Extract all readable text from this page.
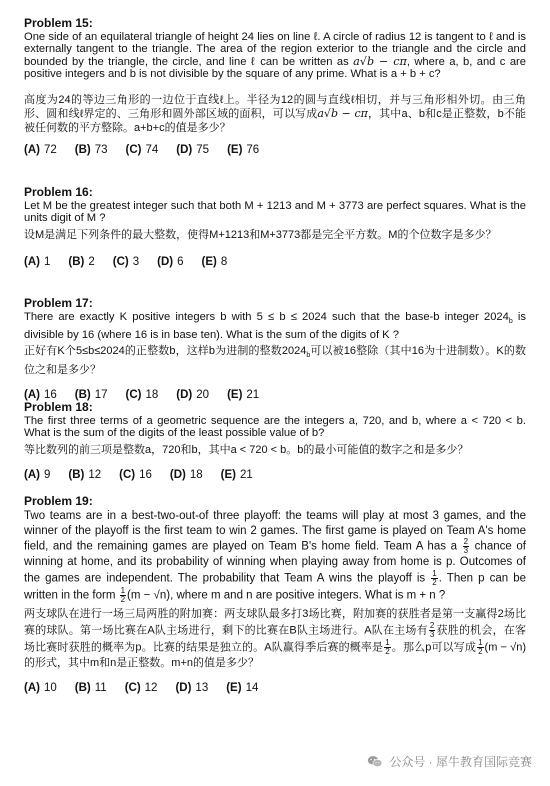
Problem 15:

One side of an equilateral triangle of height 24 lies on line ℓ. A circle of radius 12 is tangent to ℓ and is externally tangent to the triangle. The area of the region exterior to the triangle and the circle and bounded by the triangle, the circle, and line ℓ can be written as a√b − cπ, where a, b, and c are positive integers and b is not divisible by the square of any prime. What is a + b + c?

高度为24的等边三角形的一边位于直线ℓ上。半径为12的圆与直线ℓ相切，并与三角形相外切。由三角形、圆和线ℓ界定的、三角形和圆外部区域的面积，可以写成a√b − cπ，其中a、b和c是正整数，b不能被任何数的平方整除。a+b+c的值是多少？

(A) 72 (B) 73 (C) 74 (D) 75 (E) 76
Problem 16:

Let M be the greatest integer such that both M + 1213 and M + 3773 are perfect squares. What is the units digit of M ?

设M是满足下列条件的最大整数，使得M+1213和M+3773都是完全平方数。M的个位数字是多少？

(A) 1 (B) 2 (C) 3 (D) 6 (E) 8
Problem 17:

There are exactly K positive integers b with 5 ≤ b ≤ 2024 such that the base-b integer $2024_b$ is divisible by 16 (where 16 is in base ten). What is the sum of the digits of K ?

正好有K个5≤b≤2024的正整数b，这样b为进制的整数$2024_b$可以被16整除（其中16为十进制数）。K的数位之和是多少？

(A) 16 (B) 17 (C) 18 (D) 20 (E) 21
Problem 18:

The first three terms of a geometric sequence are the integers a, 720, and b, where a < 720 < b. What is the sum of the digits of the least possible value of b?

等比数列的前三项是整数a，720和b，其中a < 720 < b。b的最小可能值的数字之和是多少？

(A) 9 (B) 12 (C) 16 (D) 18 (E) 21
Problem 19:

Two teams are in a best-two-out-of three playoff: the teams will play at most 3 games, and the winner of the playoff is the first team to win 2 games. The first game is played on Team A's home field, and the remaining games are played on Team B's home field. Team A has a $\frac{2}{3}$ chance of winning at home, and its probability of winning when playing away from home is p. Outcomes of the games are independent. The probability that Team A wins the playoff is $\frac{1}{2}$ . Then p can be written in the form $\frac{1}{2} (m - √n)$, where m and n are positive integers. What is m + n ?

两支球队在进行一场三局两胜的附加赛：两支球队最多打3场比赛，附加赛的获胜者是第一支赢得2场比赛的球队。第一场比赛在A队主场进行，剩下的比赛在B队主场进行。A队在主场有 $\frac{2}{3}$ 获胜的机会，在客场比赛时获胜的概率为p。比赛的结果是独立的。A队赢得季后赛的概率是 $\frac{1}{2}$ 。那么p可以写成 $\frac{1}{2} (m - √n)$的形式，其中m和n是正整数。m+n的值是多少？

(A) 10 (B) 11 (C) 12 (D) 13 (E) 14
公众号 · 犀牛教育国际竞赛
